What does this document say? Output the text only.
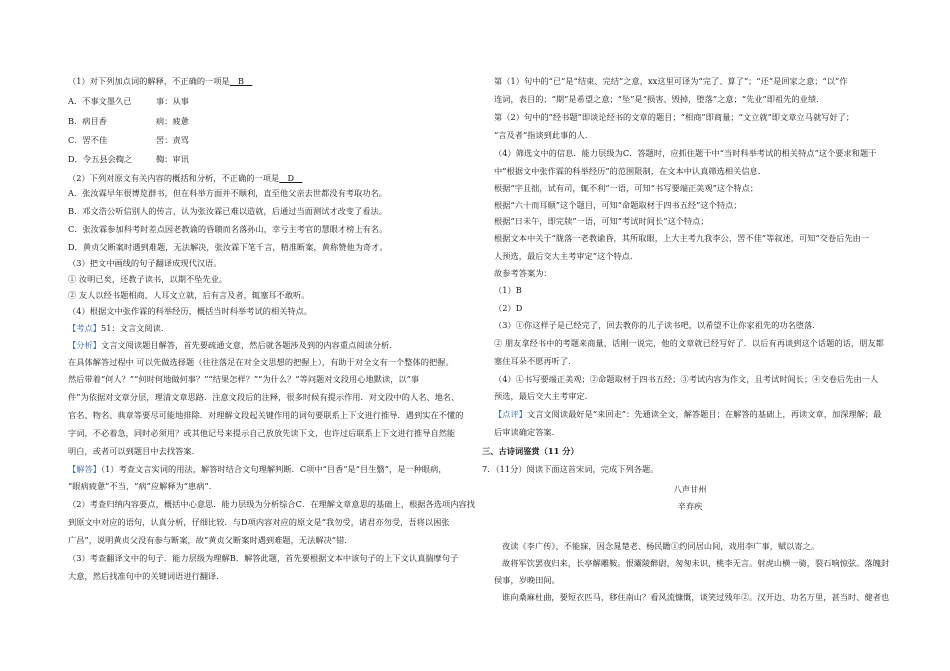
（1）对下列加点词的解释，不正确的一项是　 B　
A．不事文墨久已	事：从事
B．病目香	病：疲惫
C．罟不佳	罟：责骂
D．令五县会鞫之	鞫：审讯
（2）下列对原文有关内容的概括和分析，不正确的一项是　 D　
A．张汝霖早年很博览群书，但在科举方面并不顺利，直至他父亲去世都没有考取功名。
B．邓文浩公听信别人的传言，认为张汝霖已难以造就，后通过当面测试才改变了看法。
C．张汝霖参加科考时差点因老教谕的昏聩而名落孙山，幸亏主考官的慧眼才榜上有名。
D．黄贞父断案时遇到难题，无法解决，张汝霖下笔千言，精准断案，黄称赞他为奇才。
（3）把文中画线的句子翻译成现代汉语。
① 汝明已矣，还教子读书，以期不坠先业。
② 友人以经书题相商，人耳文立就，后有言及者，辄塞耳不敢听。
（4）根据文中张作霖的科举经历，概括当时科举考试的相关特点。
【考点】51：文言文阅读.
【分析】文言文阅读题目解答，首先要疏通文意，然后就各题涉及到的内容重点阅读分析.
在具体解答过程中 可以先做选择题（往往落足在对全文思想的把握上），有助于对全文有一个整体的把握。
然后带着“何人？”“何时何地做何事？”“结果怎样？”“为什么？”等问题对文段用心地默读，以“事
件”为依据对文章分层，理清文章思路．注意文段后的注释，很多时候有提示作用．对文段中的人名、地名、
官名、物名、典章等要尽可能地排除．对理解文段起关键作用的词句要联系上下文进行推导．遇到实在不懂的
字词，不必着急，同时必须用？或其他记号来提示自己放放先读下文，也许过后联系上下文进行推导自然能
明白，或者可以到题目中去找答案.
【解答】（1）考查文言实词的用法，解答时结合文句理解判断．C项中“目香”是“目生翳”，是一种眼病，
“眼病疲惫”不当，“病”应解释为“患病”．
（2）考查归纳内容要点，概括中心意思．能力层级为分析综合C．在理解文章意思的基础上，根据各选项内容找
到原文中对应的语句，认真分析，仔细比较．与D项内容对应的原文是“我勿受，诸君亦勿受，吾将以困张
广昌”，说明黄贞父没有参与断案，故“黄贞父断案时遇到难题，无法解决”错．
（3）考查翻译文中的句子．能力层级为理解B．解答此题，首先要根据文本中该句子的上下文认真揣摩句子
大意，然后找准句中的关键词语进行翻译.
第（1）句中的“已”是“结束、完结”之意，xx这里可译为“完了、算了”；“还”是回家之意；“以”作
连词，表目的；“期”是希望之意；“坠”是“损害、毁掉，堕落”之意；“先业”即祖先的业绩．
第（2）句中的“经书题”即谈论经书的文章的题目；“相商”即商量；“文立就”即文章立马就写好了；
“言及者”指谈到此事的人.
（4）筛选文中的信息．能力层级为C．答题时，应抓住题干中“当时科举考试的相关特点”这个要求和题干
中“根据文中张作霖的科举经历”的范围限制，在文本中认真筛选相关信息.
根据“字且拙，试有司，辄不利”一语，可知“书写要端正美观”这个特点；
根据“六十而耳顺”这个题目，可知“命题取材于四书五经”这个特点；
根据“日未午，即完牍”一语，可知“考试时间长”这个特点；
根据文本中关于“胧落一老教谕昏，其所取眼，上大主考九我李公，罟不佳”等叙述，可知“交卷后先由一
人预选，最后交大主考审定”这个特点.
故参考答案为：
（1）B
（2）D
（3）①你这样子是已经完了，回去教你的儿子读书吧，以希望不让你家祖先的功名堕落.
② 朋友拿经书中的考题来商量，话刚一说完，他的文章就已经写好了．以后有再谈到这个话题的话，朋友都
塞住耳朵不愿再听了.
（4）①书写要端正美观；②命题取材于四书五经；③考试内容为作文，且考试时间长；④交卷后先由一人
预选，最后交大主考审定.
【点评】文言文阅读最好是“来回走”：先通读全文，解答题目；在解答的基础上，再读文章，加深理解；最
后审读确定答案.
三、古诗词鉴赏（11 分）
7．（11分）阅读下面这首宋词，完成下列各题。
八声甘州
辛弃疾
夜读《李广传》，不能寐，因念晁楚老、杨民瞻①约同居山间，戏用李广事，赋以寄之。
故将军饮罢夜归来，长亭解雕鞍。恨灞陵醉尉，匆匆未识，桃李无言。射虎山横一骑，裂石响惊弦。落魄封
侯事，岁晚田间。
谁向桑麻杜曲，要短衣匹马，移住南山？看风流慷慨，谈笑过残年②。汉开边、功名万里，甚当时、健者也
